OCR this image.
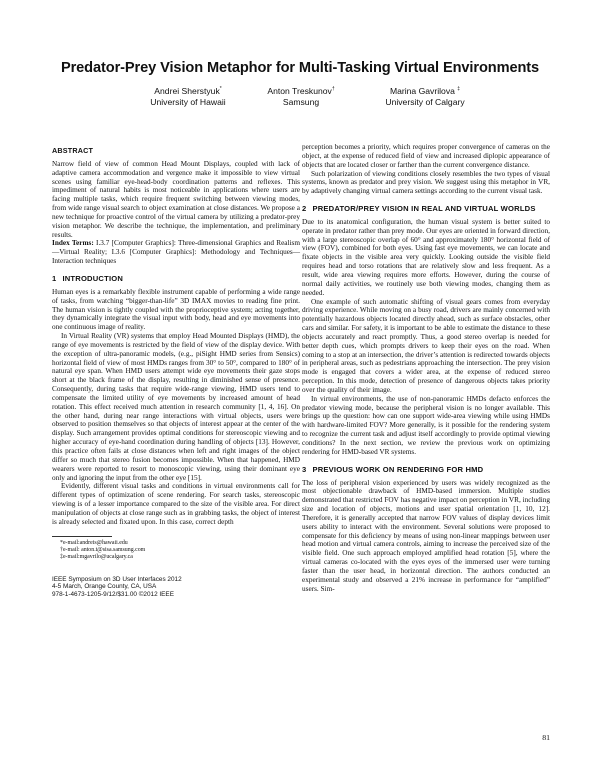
Predator-Prey Vision Metaphor for Multi-Tasking Virtual Environments
Andrei Sherstyuk*
University of Hawaii
Anton Treskunov†
Samsung
Marina Gavrilova ‡
University of Calgary
ABSTRACT

Narrow field of view of common Head Mount Displays, coupled with lack of adaptive camera accommodation and vergence make it impossible to view virtual scenes using familiar eye-head-body coordination patterns and reflexes. This impediment of natural habits is most noticeable in applications where users are facing multiple tasks, which require frequent switching between viewing modes, from wide range visual search to object examination at close distances. We propose a new technique for proactive control of the virtual camera by utilizing a predator-prey vision metaphor. We describe the technique, the implementation, and preliminary results.

Index Terms: I.3.7 [Computer Graphics]: Three-dimensional Graphics and Realism—Virtual Reality; I.3.6 [Computer Graphics]: Methodology and Techniques—Interaction techniques

1 INTRODUCTION

Human eyes is a remarkably flexible instrument capable of performing a wide range of tasks, from watching “bigger-than-life” 3D IMAX movies to reading fine print. The human vision is tightly coupled with the proprioceptive system; acting together, they dynamically integrate the visual input with body, head and eye movements into one continuous image of reality.

In Virtual Reality (VR) systems that employ Head Mounted Displays (HMD), the range of eye movements is restricted by the field of view of the display device. With the exception of ultra-panoramic models, (e.g., piSight HMD series from Sensics) horizontal field of view of most HMDs ranges from 30° to 50°, compared to 180° of natural eye span. When HMD users attempt wide eye movements their gaze stops short at the black frame of the display, resulting in diminished sense of presence. Consequently, during tasks that require wide-range viewing, HMD users tend to compensate the limited utility of eye movements by increased amount of head rotation. This effect received much attention in research community [1, 4, 16]. On the other hand, during near range interactions with virtual objects, users were observed to position themselves so that objects of interest appear at the center of the display. Such arrangement provides optimal conditions for stereoscopic viewing and higher accuracy of eye-hand coordination during handling of objects [13]. However, this practice often fails at close distances when left and right images of the object differ so much that stereo fusion becomes impossible. When that happened, HMD wearers were reported to resort to monoscopic viewing, using their dominant eye only and ignoring the input from the other eye [15].

Evidently, different visual tasks and conditions in virtual environments call for different types of optimization of scene rendering. For search tasks, stereoscopic viewing is of a lesser importance compared to the size of the visible area. For direct manipulation of objects at close range such as in grabbing tasks, the object of interest is already selected and fixated upon. In this case, correct depth

*e-mail:andreis@hawaii.edu
†e-mail: anton.t@sisa.samsung.com
‡e-mail:mgavrilo@ucalgary.ca
IEEE Symposium on 3D User Interfaces 2012
4-5 March, Orange County, CA, USA
978-1-4673-1205-9/12/$31.00 ©2012 IEEE

perception becomes a priority, which requires proper convergence of cameras on the object, at the expense of reduced field of view and increased diplopic appearance of objects that are located closer or farther than the current convergence distance.

Such polarization of viewing conditions closely resembles the two types of visual systems, known as predator and prey vision. We suggest using this metaphor in VR, by adaptively changing virtual camera settings according to the current visual task.

2 PREDATOR/PREY VISION IN REAL AND VIRTUAL WORLDS

Due to its anatomical configuration, the human visual system is better suited to operate in predator rather than prey mode. Our eyes are oriented in forward direction, with a large stereoscopic overlap of 60° and approximately 180° horizontal field of view (FOV), combined for both eyes. Using fast eye movements, we can locate and fixate objects in the visible area very quickly. Looking outside the visible field requires head and torso rotations that are relatively slow and less frequent. As a result, wide area viewing requires more efforts. However, during the course of normal daily activities, we routinely use both viewing modes, changing them as needed.

One example of such automatic shifting of visual gears comes from everyday driving experience. While moving on a busy road, drivers are mainly concerned with potentially hazardous objects located directly ahead, such as surface obstacles, other cars and similar. For safety, it is important to be able to estimate the distance to these objects accurately and react promptly. Thus, a good stereo overlap is needed for better depth cues, which prompts drivers to keep their eyes on the road. When coming to a stop at an intersection, the driver’s attention is redirected towards objects in peripheral areas, such as pedestrians approaching the intersection. The prey vision mode is engaged that covers a wider area, at the expense of reduced stereo perception. In this mode, detection of presence of dangerous objects takes priority over the quality of their image.

In virtual environments, the use of non-panoramic HMDs defacto enforces the predator viewing mode, because the peripheral vision is no longer available. This brings up the question: how can one support wide-area viewing while using HMDs with hardware-limited FOV? More generally, is it possible for the rendering system to recognize the current task and adjust itself accordingly to provide optimal viewing conditions? In the next section, we review the previous work on optimizing rendering for HMD-based VR systems.

3 PREVIOUS WORK ON RENDERING FOR HMD

The loss of peripheral vision experienced by users was widely recognized as the most objectionable drawback of HMD-based immersion. Multiple studies demonstrated that restricted FOV has negative impact on perception in VR, including size and location of objects, motions and user spatial orientation [1, 10, 12]. Therefore, it is generally accepted that narrow FOV values of display devices limit users ability to interact with the environment. Several solutions were proposed to compensate for this deficiency by means of using non-linear mappings between user head motion and virtual camera controls, aiming to increase the perceived size of the visible field. One such approach employed amplified head rotation [5], where the virtual cameras co-located with the eyes eyes of the immersed user were turning faster than the user head, in horizontal direction. The authors conducted an experimental study and observed a 21% increase in performance for “amplified” users. Sim-

81
